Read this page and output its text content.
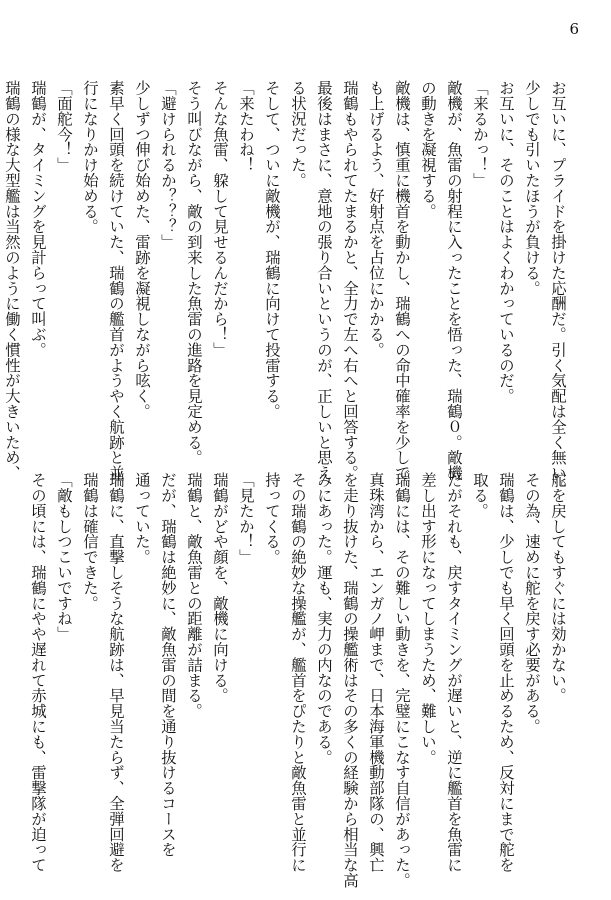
6
お互いに、プライドを掛けた応酬だ。引く気配は全く無い。
少しでも引いたほうが負ける。
お互いに、そのことはよくわかっているのだ。
「来るかっ！」
敵機が、魚雷の射程に入ったことを悟った、瑞鶴０。敵機
の動きを凝視する。
敵機は、慎重に機首を動かし、瑞鶴への命中確率を少しで
も上げるよう、好射点を占位にかかる。
瑞鶴もやられてたまるかと、全力で左へ右へと回答する。
最後はまさに、意地の張り合いというのが、正しいと思え
る状況だった。
そして、ついに敵機が、瑞鶴に向けて投雷する。
「来たわね！
そんな魚雷、躱して見せるんだから！」
そう叫びながら、敵の到来した魚雷の進路を見定める。
「避けられるか？？？」
少しずつ伸び始めた、雷跡を凝視しながら呟く。
素早く回頭を続けていた、瑞鶴の艦首がようやく航跡と並
行になりかけ始める。
「面舵今！」
瑞鶴が、タイミングを見計らって叫ぶ。
瑞鶴の様な大型艦は当然のように働く慣性が大きいため、
舵を戻してもすぐには効かない。
その為、速めに舵を戻す必要がある。
瑞鶴は、少しでも早く回頭を止めるため、反対にまで舵を
取る。
だがそれも、戻すタイミングが遅いと、逆に艦首を魚雷に
差し出す形になってしまうため、難しい。
瑞鶴には、その難しい動きを、完璧にこなす自信があった。
真珠湾から、エンガノ岬まで、日本海軍機動部隊の、興亡
を走り抜けた、瑞鶴の操艦術はその多くの経験から相当な高
みにあった。運も、実力の内なのである。
その瑞鶴の絶妙な操艦が、艦首をぴたりと敵魚雷と並行に
持ってくる。
「見たか！」
瑞鶴がどや顔を、敵機に向ける。
瑞鶴と、敵魚雷との距離が詰まる。
だが、瑞鶴は絶妙に、敵魚雷の間を通り抜けるコースを
通っていた。
瑞鶴に、直撃しそうな航跡は、早見当たらず、全弾回避を
瑞鶴は確信できた。
「敵もしつこいですね」
その頃には、瑞鶴にやや遅れて赤城にも、雷撃隊が迫って
